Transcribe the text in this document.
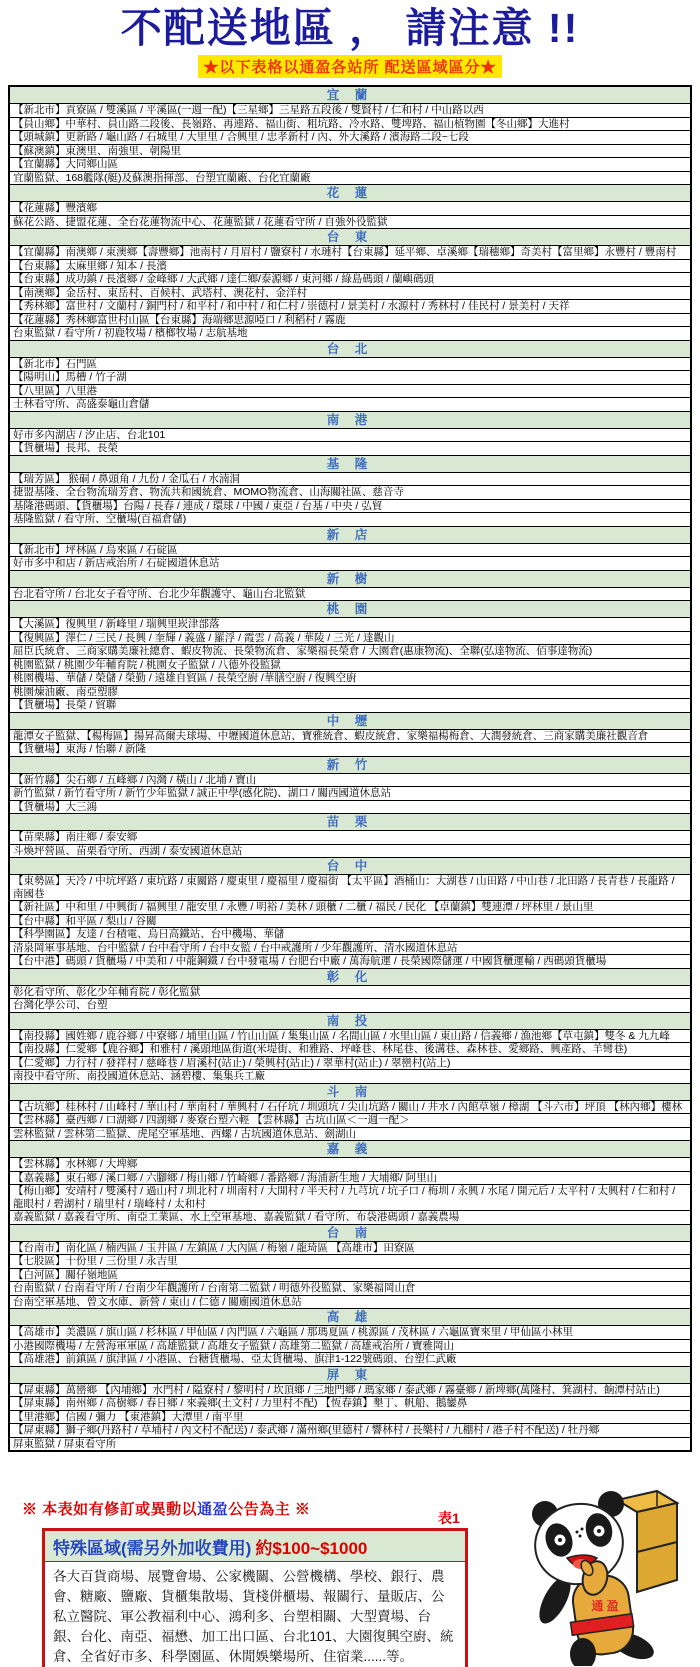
不配送地區 ， 請注意 !!
★以下表格以通盈各站所 配送區域區分★
宜 蘭
【新北市】貢寮區 / 雙溪區 / 平溪區(一週一配)【三星鄉】三星路五段後 / 雙賢村 / 仁和村 / 中山路以西
【員山鄉】中華村、員山路二段後、長嶺路、再連路、福山街、粗坑路、冷水路、雙埤路、福山植物園【冬山鄉】大進村
【頭城鎮】更新路 / 龜山路 / 石城里 / 大里里 / 合興里 / 忠孝新村 / 內、外大溪路 / 濱海路二段~七段
【蘇澳鎮】東澳里、南強里、朝陽里
【宜蘭縣】大同鄉山區
宜蘭監獄、168艦隊(艇)及蘇澳指揮部、台塑宜蘭廠、台化宜蘭廠
花 蓮
【花蓮縣】豐濱鄉
蘇花公路、捷盟花蓮、全台花蓮物流中心、花蓮監獄 / 花蓮看守所 / 自強外役監獄
台 東
【宜蘭縣】南澳鄉 / 東澳鄉【壽豐鄉】池南村 / 月眉村 / 鹽寮村 / 水璉村【台東縣】延平鄉、卓溪鄉【瑞穗鄉】奇美村【富里鄉】永豐村 / 豐南村
【台東縣】太麻里鄉 / 知本 / 長濱
【台東縣】成功鎮 / 長濱鄉 / 金峰鄉 / 大武鄉 / 達仁鄉/泰源鄉 / 東河鄉 / 綠島碼頭 / 蘭嶼碼頭
【南澳鄉】金岳村、東岳村、百候村、武塔村、澳花村、金洋村
【秀林鄉】富世村 / 文蘭村 / 銅門村 / 和平村 / 和中村 / 和仁村 / 崇德村 / 景美村 / 水源村 / 秀林村 / 佳民村 / 景美村 / 天祥
【花蓮縣】秀林鄉富世村山區【台東縣】海端鄉思源啞口 / 利稻村 / 霧鹿
台東監獄 / 看守所 / 初鹿牧場 / 檳榔牧場 / 志航基地
台 北
【新北市】石門區
【陽明山】馬槽 / 竹子湖
【八里區】八里港
士林看守所、高盛泰龜山倉儲
南 港
好市多內湖店 / 汐止店、台北101
【貨櫃場】長邦、長榮
基 隆
【瑞芳區】 猴硐 / 鼻頭角 / 九份 / 金瓜石 / 水湳洞
捷盟基隆、全台物流瑞芳倉、物流共和國統倉、MOMO物流倉、山海關社區、慈音寺
基隆港碼頭、【貨櫃場】台陽 / 長春 / 連成 / 環球 / 中國 / 東亞 / 台基 / 中央 / 弘貿
基隆監獄 / 看守所、空櫃場(百福倉儲)
新 店
【新北市】坪林區 / 烏來區 / 石碇區
好市多中和店 / 新店戒治所 / 石碇國道休息站
新 樹
台北看守所 / 台北女子看守所、台北少年觀護守、龜山台北監獄
桃 園
【大溪區】復興里 / 新峰里 / 瑞興里崁津部落
【復興區】澤仁 / 三民 / 長興 / 奎輝 / 義盛 / 羅浮 / 霞雲 / 高義 / 華陵 / 三光 / 達觀山
屈臣氏統倉、三商家購美廉社總倉、蝦皮物流、長榮物流倉、家樂福長榮倉 / 大園倉(惠康物流)、全聯(弘達物流、佰事達物流)
桃園監獄 / 桃園少年輔育院 / 桃園女子監獄 / 八德外役監獄
桃園機場、華儲 / 榮儲 / 榮勤 / 遠雄自貿區 / 長榮空廚 /華膳空廚 / 復興空廚
桃園煉油廠、南亞塑膠
【貨櫃場】長榮 / 貿聯
中 壢
龍潭女子監獄、【楊梅區】揚昇高爾夫球場、中壢國道休息站、寶雅統倉、蝦皮統倉、家樂福楊梅倉、大潤發統倉、三商家購美廉社觀音倉
【貨櫃場】東海 / 怡聯 / 新隆
新 竹
【新竹縣】尖石鄉 / 五峰鄉 / 內灣 / 橫山 / 北埔 / 寶山
新竹監獄 / 新竹看守所 / 新竹少年監獄 / 誠正中學(感化院)、湖口 / 關西國道休息站
【貨櫃場】大三鴻
苗 栗
【苗栗縣】南庄鄉 / 泰安鄉
斗煥坪營區、苗栗看守所、西湖 / 泰安國道休息站
台 中
【東勢區】天冷 / 中坑坪路 / 東坑路 / 東關路 / 慶東里 / 慶福里 / 慶福街 【太平區】酒桶山：大湖巷 / 山田路 / 中山巷 / 北田路 / 長青巷 / 長龍路 / 南國巷
【新社區】中和里 / 中興街 / 福興里 / 龍安里 / 永豐 / 明裕 / 美林 / 頭櫃 / 二櫃 / 福民 / 民化 【卓蘭鎮】雙連潭 / 坪林里 / 景山里
【台中縣】和平區 / 梨山 / 谷關
【科學園區】友達 / 台積電、烏日高鐵站、台中機場、華儲
清泉岡軍事基地、台中監獄 / 台中看守所 / 台中女監 / 台中戒護所 / 少年觀護所、清水國道休息站
【台中港】碼頭 / 貨櫃場 / 中美和 / 中龍鋼鐵 / 台中發電場 / 台肥台中廠 / 萬海航運 / 長榮國際儲運 / 中國貨櫃運輸 / 西碼頭貨櫃場
彰 化
彰化看守所、彰化少年輔育院 / 彰化監獄
台灣化學公司、台塑
南 投
【南投縣】國姓鄉 / 鹿谷鄉 / 中寮鄉 / 埔里山區 / 竹山山區 / 集集山區 / 名間山區 / 水里山區 / 東山路 / 信義鄉 / 漁池鄉【草屯鎮】雙冬 & 九九峰
【南投縣】仁愛鄉【鹿谷鄉】和雅村 / 溪頭地區街道(米堤街、和雅路、坪峰巷、林尾巷、後溝巷、森林巷、愛鄉路、興產路、羊彎巷)
【仁愛鄉】力行村 / 發祥村 / 慈峰巷 / 眉溪村(站止) / 榮興村(站止) / 翠華村(站止) / 翠巒村(站上)
南投中看守所、南投國道休息站、涵碧樓、集集兵工廠
斗 南
【古坑鄉】桂林村 / 山峰村 / 華山村 / 華南村 / 華興村 / 石仔坑 / 圳頭坑 / 尖山坑路 / 關山 / 井水 / 內館草嶺 / 樟湖 【斗六市】坪頂 【林內鄉】樓林
【雲林縣】臺西鄉 / 口湖鄉 / 四湖鄉 / 麥寮台塑六輕 【雲林縣】古坑山區＜一週一配＞
雲林監獄 / 雲林第二監獄、虎尾空軍基地、西螺 / 古坑國道休息站、劍湖山
嘉 義
【雲林縣】水林鄉 / 大埤鄉
【嘉義縣】東石鄉 / 溪口鄉 / 六腳鄉 / 梅山鄉 / 竹崎鄉 / 番路鄉 / 海浦新生地 / 大埔鄉/ 阿里山
【梅山鄉】安靖村 / 雙溪村 / 過山村 / 圳北村 / 圳南村 / 大開村 / 半天村 / 九芎坑 / 坑子口 / 梅圳 / 永興 / 水尾 / 開元后 / 太平村 / 太興村 / 仁和村 / 龍眼村 / 碧湖村 / 瑞里村 / 瑞峰村 / 太和村
嘉義監獄 / 嘉義看守所、南亞工業區、水上空軍基地、嘉義監獄 / 看守所、布袋港碼頭 / 嘉義農場
台 南
【台南市】南化區 / 楠西區 / 玉井區 / 左鎮區 / 大內區 / 梅嶺 / 龍琦區 【高雄市】田寮區
【七股區】十份里 / 三份里 / 永吉里
【白河區】關仔嶺地區
台南監獄 / 台南看守所 / 台南少年觀護所 / 台南第二監獄 / 明德外役監獄、家樂福岡山倉
台南空軍基地、曾文水庫、新營 / 東山 / 仁德 / 關廟國道休息站
高 雄
【高雄市】美濃區 / 旗山區 / 杉林區 / 甲仙區 / 內門區 / 六龜區 / 那瑪夏區 / 桃源區 / 茂林區 / 六龜區寶來里 / 甲仙區小林里
小港國際機場 / 左營海軍軍區 / 高雄監獄 / 高雄女子監獄 / 高雄第二監獄 / 高雄戒治所 / 寶雅岡山
【高雄港】前鎮區 / 旗津區 / 小港區、台糖貨櫃場、亞太貨櫃場、旗津1-122號碼頭、台塑仁武廠
屏 東
【屏東縣】萬巒鄉 【內埔鄉】水門村 / 隘寮村 / 黎明村 / 坎頂鄉 / 三地門鄉 / 瑪家鄉 / 泰武鄉 / 霧臺鄉 / 新埤鄉(萬隆村、箕湖村、餉潭村站止)
【屏東縣】南州鄉 / 高樹鄉 / 春日鄉 / 來義鄉(土文村 / 力里村不配) 【恆春鎮】墾丁、帆船、鵝鑾鼻
【里港鄉】信國 / 彌力 【東港鎮】大潭里 / 南平里
【屏東縣】獅子鄉(丹路村 / 草埔村 / 內文村不配送) / 泰武鄉 / 滿州鄉(里德村 / 響林村 / 長樂村 / 九棚村 / 港子村不配送) / 牡丹鄉
屏東監獄 / 屏東看守所
※ 本表如有修訂或異動以通盈公告為主 ※	表1
特殊區域(需另外加收費用) 約$100~$1000
各大百貨商場、展覽會場、公家機關、公營機構、學校、銀行、農會、糖廠、鹽廠、貨櫃集散場、貨棧併櫃場、報關行、量販店、公私立醫院、軍公教福利中心、鴻利多、台塑相關、大型賣場、台銀、台化、南亞、福懋、加工出口區、台北101、大園復興空廚、統倉、全省好市多、科學園區、休閒娛樂場所、住宿業......等。
通 盈
